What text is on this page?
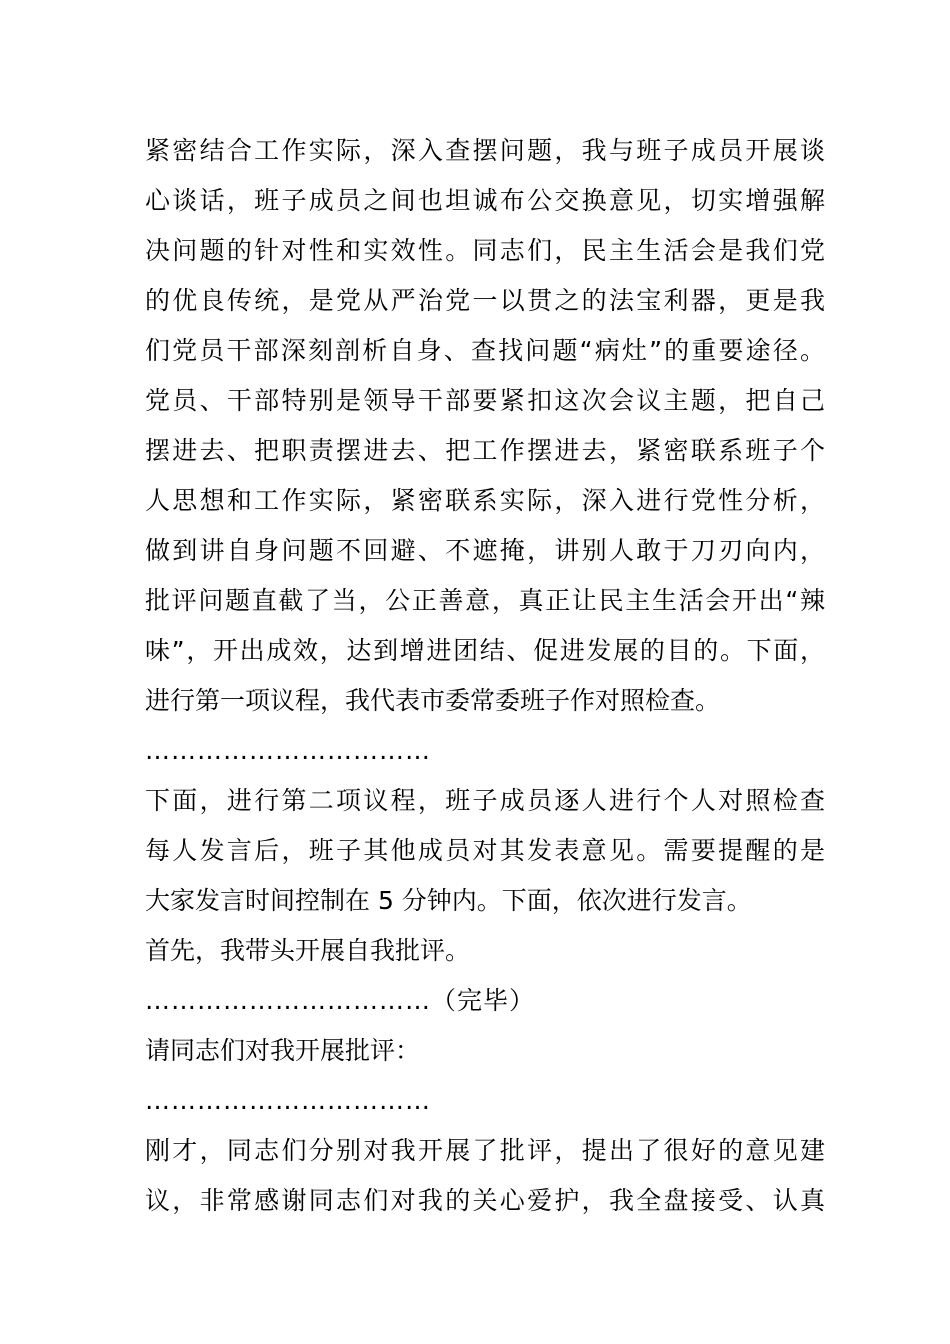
紧密结合工作实际，深入查摆问题，我与班子成员开展谈
心谈话，班子成员之间也坦诚布公交换意见，切实增强解
决问题的针对性和实效性。同志们，民主生活会是我们党
的优良传统，是党从严治党一以贯之的法宝利器，更是我
们党员干部深刻剖析自身、查找问题“病灶”的重要途径。
党员、干部特别是领导干部要紧扣这次会议主题，把自己
摆进去、把职责摆进去、把工作摆进去，紧密联系班子个
人思想和工作实际，紧密联系实际，深入进行党性分析，
做到讲自身问题不回避、不遮掩，讲别人敢于刀刃向内，
批评问题直截了当，公正善意，真正让民主生活会开出“辣
味”，开出成效，达到增进团结、促进发展的目的。下面，
进行第一项议程，我代表市委常委班子作对照检查。
……………………………
下面，进行第二项议程，班子成员逐人进行个人对照检查
每人发言后，班子其他成员对其发表意见。需要提醒的是
大家发言时间控制在 5 分钟内。下面，依次进行发言。
首先，我带头开展自我批评。
……………………………（完毕）
请同志们对我开展批评：
……………………………
刚才，同志们分别对我开展了批评，提出了很好的意见建
议，非常感谢同志们对我的关心爱护，我全盘接受、认真
